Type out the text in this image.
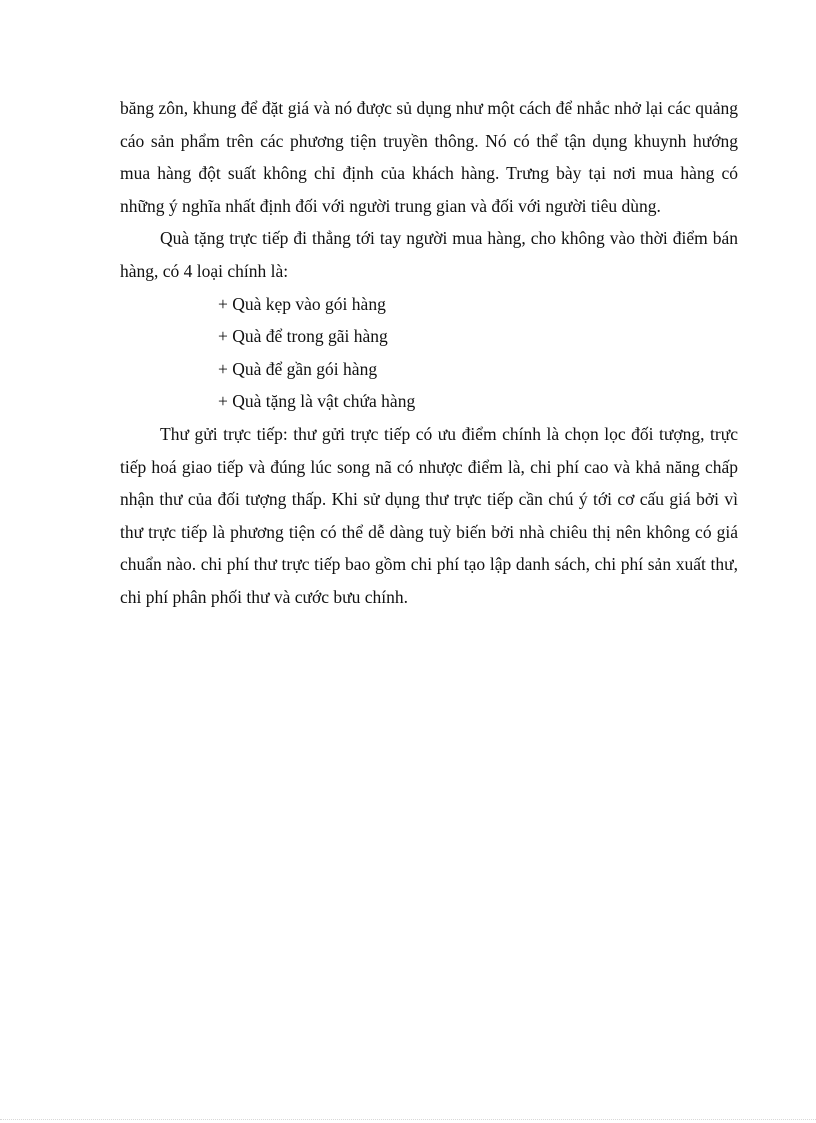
băng zôn, khung để đặt giá và nó được sủ dụng như một cách để nhắc nhở lại các quảng cáo sản phẩm trên các phương tiện truyền thông. Nó có thể tận dụng khuynh hướng mua hàng đột suất không chỉ định của khách hàng. Trưng bày tại nơi mua hàng có những ý nghĩa nhất định đối với người trung gian và đối với người tiêu dùng.

Quà tặng trực tiếp đi thẳng tới tay người mua hàng, cho không vào thời điểm bán hàng, có 4 loại chính là:

+ Quà kẹp vào gói hàng
+ Quà để trong gãi hàng
+ Quà để gần gói hàng
+ Quà tặng là vật chứa hàng

Thư gửi trực tiếp: thư gửi trực tiếp có ưu điểm chính là chọn lọc đối tượng, trực tiếp hoá giao tiếp và đúng lúc song nã có nhược điểm là, chi phí cao và khả năng chấp nhận thư của đối tượng thấp. Khi sử dụng thư trực tiếp cần chú ý tới cơ cấu giá bởi vì thư trực tiếp là phương tiện có thể dễ dàng tuỳ biến bởi nhà chiêu thị nên không có giá chuẩn nào. chi phí thư trực tiếp bao gồm chi phí tạo lập danh sách, chi phí sản xuất thư, chi phí phân phối thư và cước bưu chính.
